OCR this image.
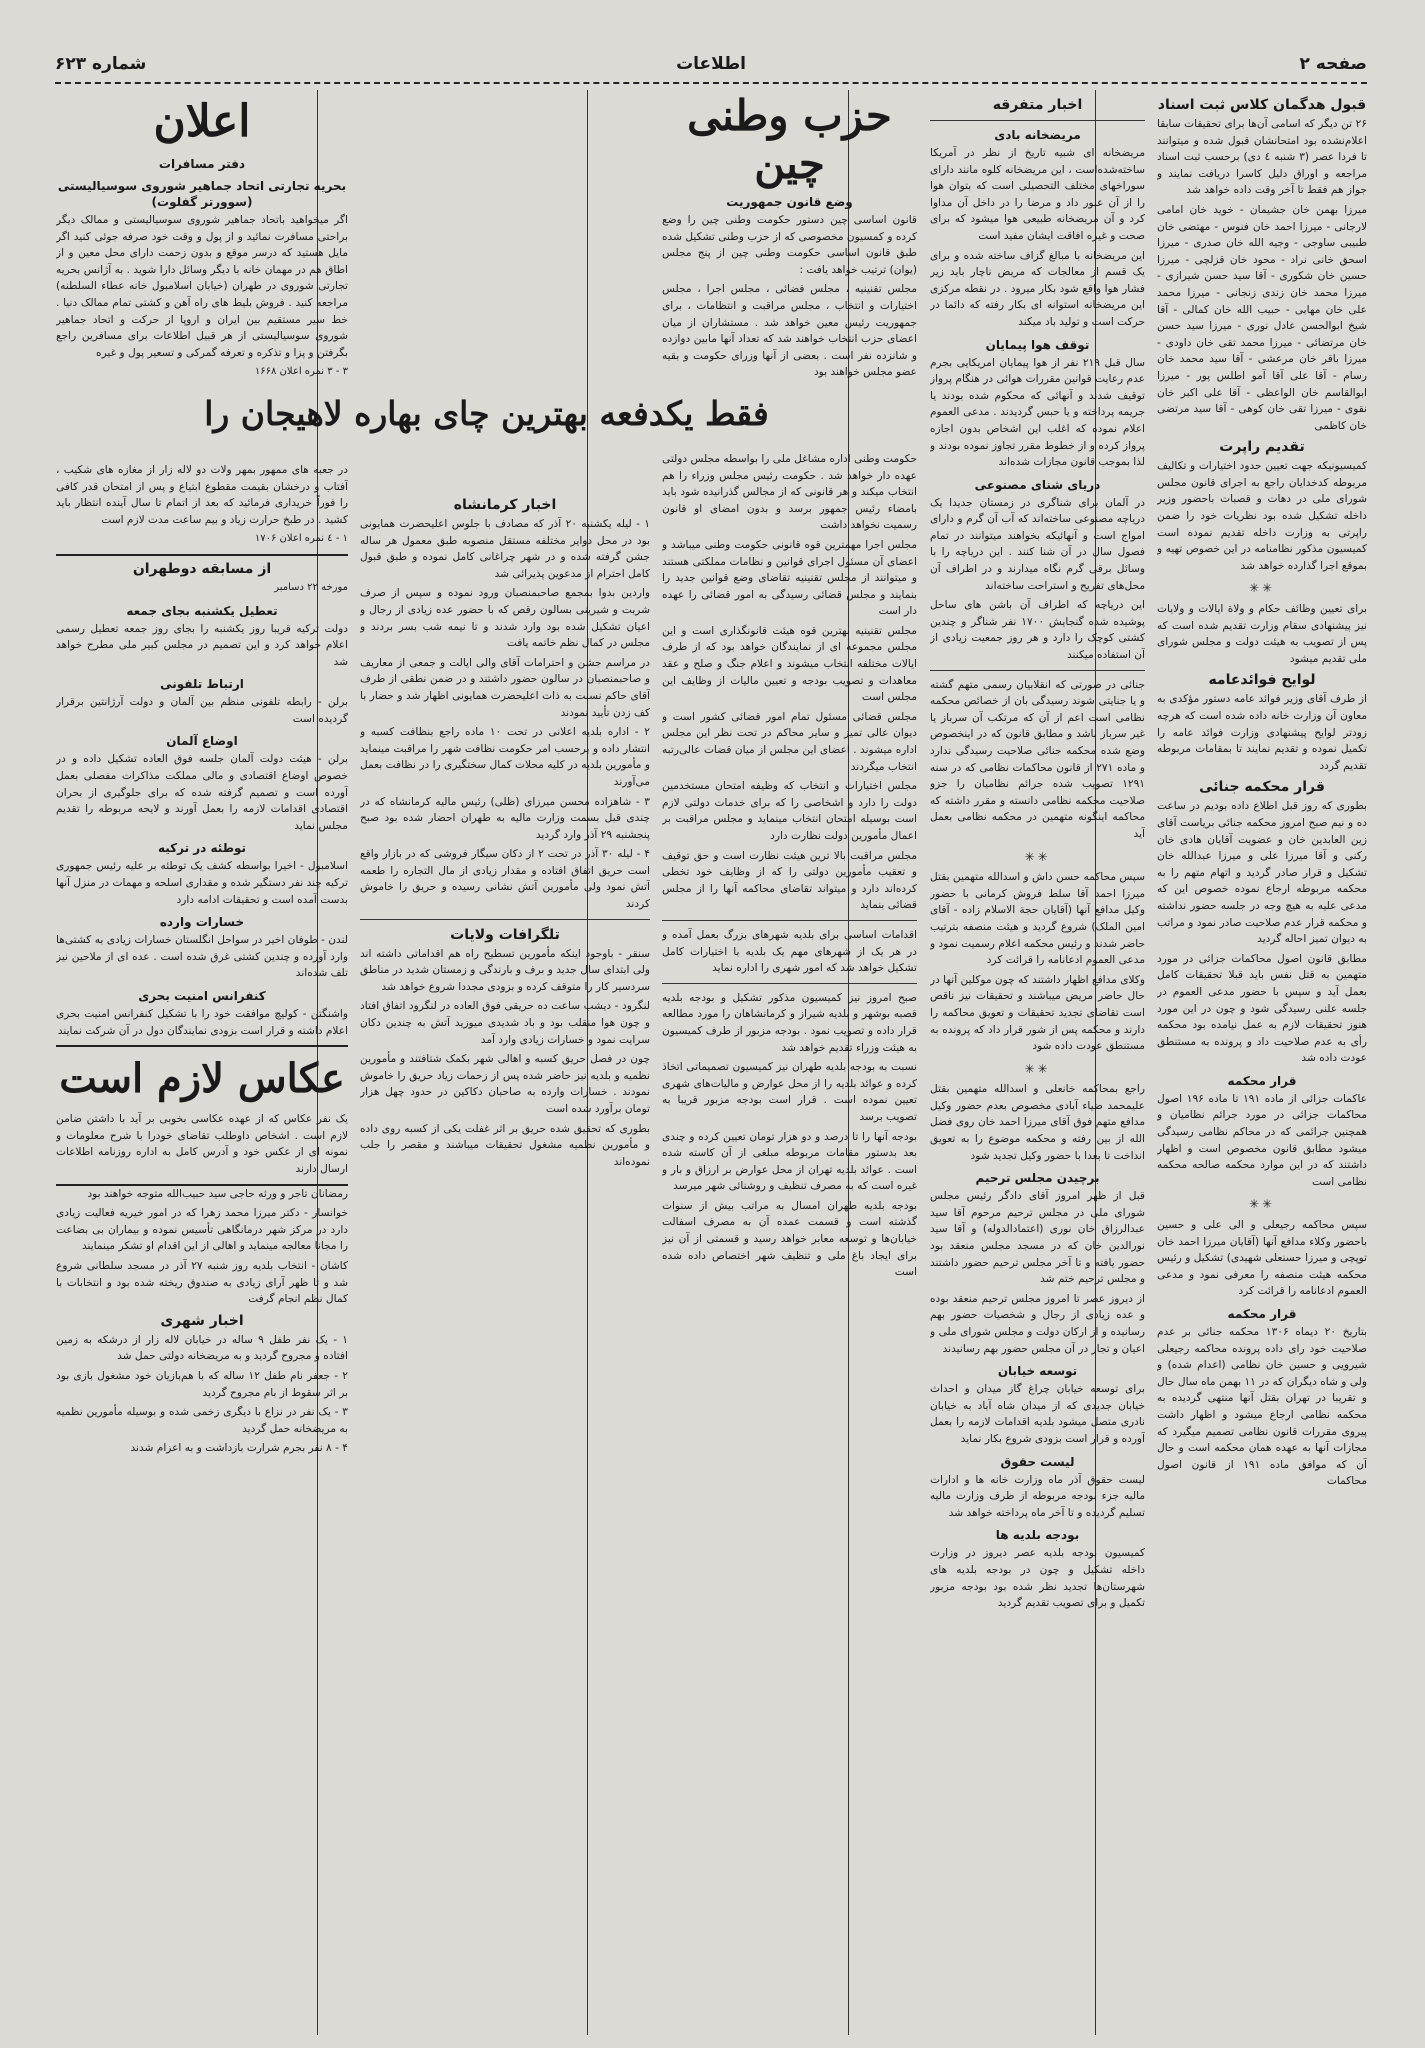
صفحه ۲
اطلاعات
شماره ۶۲۳
قبول هدگمان کلاس ثبت اسناد

۲۶ تن دیگر که اسامی آن‌ها برای تحقیقات سابقا اعلام‌نشده بود امتحانشان قبول شده و میتوانند تا فردا عصر (۳ شنبه ٤ دی) برحسب ثبت اسناد مراجعه و اوراق دلیل کاسرا دریافت نمایند و جواز هم فقط تا آخر وقت داده خواهد شد

میرزا بهمن خان جشیمان - خوید خان امامی لارجانی - میرزا احمد خان فنوس - مهتضی خان طبیبی ساوجی - وجیه الله خان صدری - میرزا اسحق خانی نراد - محود خان قزلچی - میرزا حسین خان شکوری - آقا سید حسن شیرازی - میرزا محمد خان زندی زنجانی - میرزا محمد علی خان مهابی - حبیب الله خان کمالی - آقا شیخ ابوالحسن عادل نوری - میرزا سید حسن خان مرتضائی - میرزا محمد تقی خان داودی - میرزا باقر خان مرعشی - آقا سید محمد خان رسام - آقا علی آقا آمو اطلس پور - میرزا ابوالقاسم خان الواعظی - آقا علی اکبر خان نقوی - میرزا تقی خان کوهی - آقا سید مرتضی خان کاظمی

تقدیم راپرت

کمیسیونیکه جهت تعیین حدود اختیارات و تکالیف مربوطه کدخدایان راجع به اجرای قانون مجلس شورای ملی در دهات و قصبات باحضور وزیر داخله تشکیل شده بود نظریات خود را ضمن راپرتی به وزارت داخله تقدیم نموده است کمیسیون مذکور نظامنامه در این خصوص تهیه و بموقع اجرا گذارده خواهد شد

✳✳

برای تعیین وظائف حکام و ولاة ایالات و ولایات نیز پیشنهادی سقام وزارت تقدیم شده است که پس از تصویب به هیئت دولت و مجلس شورای ملی تقدیم میشود

لوایح فوائدعامه

از طرف آقای وزیر فوائد عامه دستور مؤکدی به معاون آن وزارت خانه داده شده است که هرچه زودتر لوایح پیشنهادی وزارت فوائد عامه را تکمیل نموده و تقدیم نمایند تا بمقامات مربوطه تقدیم گردد

قرار محکمه جنائی

بطوری که روز قبل اطلاع داده بودیم در ساعت ده و نیم صبح امروز محکمه جنائی بریاست آقای زین العابدین خان و عضویت آقایان هادی خان رکنی و آقا میرزا علی و میرزا عبدالله خان تشکیل و قرار صادر گردید و اتهام متهم را به محکمه مربوطه ارجاع نموده خصوص این که مدعی علیه به هیچ وجه در جلسه حضور نداشته و محکمه قرار عدم صلاحیت صادر نمود و مراتب به دیوان تمیز احاله گردید

مطابق قانون اصول محاکمات جزائی در مورد متهمین به قتل نفس باید قبلا تحقیقات کامل بعمل آید و سپس با حضور مدعی العموم در جلسه علنی رسیدگی شود و چون در این مورد هنوز تحقیقات لازم به عمل نیامده بود محکمه رأی به عدم صلاحیت داد و پرونده به مستنطق عودت داده شد

قرار محکمه

عاکمات جزائی از ماده ۱۹۱ تا ماده ۱۹۶ اصول محاکمات جزائی در مورد جرائم نظامیان و همچنین جرائمی که در محاکم نظامی رسیدگی میشود مطابق قانون مخصوص است و اظهار داشتند که در این موارد محکمه صالحه محکمه نظامی است

✳✳

سپس محاکمه رجیعلی و الی علی و حسین باحضور وکلاء مدافع آنها (آقایان میرزا احمد خان توپچی و میرزا حسنعلی شهیدی) تشکیل و رئیس محکمه هیئت منصفه را معرفی نمود و مدعی العموم ادعانامه را قرائت کرد

قرار محکمه

بتاریخ ۲۰ دیماه ۱۳۰۶ محکمه جنائی بر عدم صلاحیت خود رای داده پرونده محاکمه رجیعلی شیرویی و حسین خان نظامی (اعدام شده) و ولی و شاه دیگران که در ۱۱ بهمن ماه سال حال و تقریبا در تهران بقتل آنها منتهی گردیده به محکمه نظامی ارجاع میشود و اظهار داشت پیروی مقررات قانون نظامی تصمیم میگیرد که مجازات آنها به عهده همان محکمه است و حال آن که موافق ماده ۱۹۱ از قانون اصول محاکمات

اخبار متفرقه
مریضخانه بادی

مریضخانه ای شبیه تاریخ از نظر در آمریکا ساخته‌شده‌است ، این مریضخانه کلوه مانند دارای سوراخهای مختلف التحصیلی است که بتوان هوا را از آن عبور داد و مرضا را در داخل آن مداوا کرد و آن مریضخانه طبیعی هوا میشود که برای صحت و غیره افاقت ایشان مفید است

این مریضخانه با مبالغ گزاف ساخته شده و برای یک قسم از معالجات که مریض ناچار باید زیر فشار هوا واقع شود بکار میرود . در نقطه مرکزی این مریضخانه استوانه ای بکار رفته که دائما در حرکت است و تولید باد میکند

توقف هوا پیمایان

سال قبل ۲۱۹ نفر از هوا پیمایان امریکایی بجرم عدم رعایت قوانین مقررات هوائی در هنگام پرواز توقیف شدند و آنهائی که محکوم شده بودند یا جریمه پرداخته و یا حبس گردیدند . مدعی العموم اعلام نموده که اغلب این اشخاص بدون اجازه پرواز کرده و از خطوط مقرر تجاوز نموده بودند و لذا بموجب قانون مجازات شده‌اند

دریای شنای مصنوعی

در آلمان برای شناگری در زمستان جدیدا یک دریاچه مصنوعی ساخته‌اند که آب آن گرم و دارای امواج است و آنهائیکه بخواهند میتوانند در تمام فصول سال در آن شنا کنند . این دریاچه را با وسائل برقی گرم نگاه میدارند و در اطراف آن محل‌های تفریح و استراحت ساخته‌اند

این دریاچه که اطراف آن باشن های ساحل پوشیده شده گنجایش ۱۷۰۰ نفر شناگر و چندین کشتی کوچک را دارد و هر روز جمعیت زیادی از آن استفاده میکنند

جنائی در صورتی که انقلابیان رسمی متهم گشته و یا جنایتی شوند رسیدگی بان از خصائص محکمه نظامی است اعم از آن که مرتکب آن سرباز یا غیر سرباز باشد و مطابق قانون که در اینخصوص وضع شده محکمه جنائی صلاحیت رسیدگی ندارد و ماده ۲۷۱ از قانون محاکمات نظامی که در سنه ۱۲۹۱ تصویب شده جرائم نظامیان را جزو صلاحیت محکمه نظامی دانسته و مقرر داشته که محاکمه اینگونه متهمین در محکمه نظامی بعمل آید

✳✳

سپس محاکمه حسن داش و اسدالله متهمین بقتل میرزا احمد آقا سلط فروش کرمانی با حضور وکیل مدافع آنها (آقایان حجة الاسلام زاده - آقای امین الملک) شروع گردید و هیئت منصفه بترتیب حاضر شدند و رئیس محکمه اعلام رسمیت نمود و مدعی العموم ادعانامه را قرائت کرد

وکلای مدافع اظهار داشتند که چون موکلین آنها در حال حاضر مریض میباشند و تحقیقات نیز ناقص است تقاضای تجدید تحقیقات و تعویق محاکمه را دارند و محکمه پس از شور قرار داد که پرونده به مستنطق عودت داده شود

✳✳

راجع بمحاکمه خانعلی و اسدالله متهمین بقتل علیمحمد ضیاء آبادی مخصوص بعدم حضور وکیل مدافع متهم فوق آقای میرزا احمد خان روی فضل الله از بین رفته و محکمه موضوع را به تعویق انداخت تا بعدا با حضور وکیل تجدید شود

برچیدن مجلس ترحیم

قبل از ظهر امروز آقای دادگر رئیس مجلس شورای ملی در مجلس ترحیم مرحوم آقا سید عبدالرزاق خان نوری (اعتمادالدوله) و آقا سید نورالدین خان که در مسجد مجلس منعقد بود حضور یافته و تا آخر مجلس ترحیم حضور داشتند و مجلس ترحیم ختم شد

از دیروز عصر تا امروز مجلس ترحیم منعقد بوده و عده زیادی از رجال و شخصیات حضور بهم رسانیده و از ارکان دولت و مجلس شورای ملی و اعیان و تجار در آن مجلس حضور بهم رسانیدند

توسعه خیابان

برای توسعه خیابان چراغ گاز میدان و احداث خیابان جدیدی که از میدان شاه آباد به خیابان نادری متصل میشود بلدیه اقدامات لازمه را بعمل آورده و قرار است بزودی شروع بکار نماید

لیست حقوق

لیست حقوق آذر ماه وزارت خانه ها و ادارات مالیه جزء بودجه مربوطه از طرف وزارت مالیه تسلیم گردیده و تا آخر ماه پرداخته خواهد شد

بودجه بلدیه ها

کمیسیون بودجه بلدیه عصر دیروز در وزارت داخله تشکیل و چون در بودجه بلدیه های شهرستان‌ها تجدید نظر شده بود بودجه مزبور تکمیل و برای تصویب تقدیم گردید

حزب وطنی چین
وضع قانون جمهوریت

قانون اساسی چین دستور حکومت وطنی چین را وضع کرده و کمسیون مخصوصی که از حزب وطنی تشکیل شده طبق قانون اساسی حکومت وطنی چین از پنج مجلس (یوان) ترتیب خواهد یافت :

مجلس تقنینیه ، مجلس قضائی ، مجلس اجرا ، مجلس اختیارات و انتخاب ، مجلس مراقبت و انتظامات ، برای جمهوریت رئیس معین خواهد شد . مستشاران از میان اعضای حزب انتخاب خواهند شد که تعداد آنها مابین دوازده و شانزده نفر است . بعضی از آنها وزرای حکومت و بقیه عضو مجلس خواهند بود

حکومت وطنی اداره مشاغل ملی را بواسطه مجلس دولتی عهده دار خواهد شد . حکومت رئیس مجلس وزراء را هم انتخاب میکند و هر قانونی که از مجالس گذرانیده شود باید بامضاء رئیس جمهور برسد و بدون امضای او قانون رسمیت نخواهد داشت

مجلس اجرا مهمترین قوه قانونی حکومت وطنی میباشد و اعضای آن مسئول اجرای قوانین و نظامات مملکتی هستند و میتوانند از مجلس تقنینیه تقاضای وضع قوانین جدید را بنمایند و مجلس قضائی رسیدگی به امور قضائی را عهده دار است

مجلس تقنینیه بهترین قوه هیئت قانونگذاری است و این مجلس مجموعه ای از نمایندگان خواهد بود که از طرف ایالات مختلفه انتخاب میشوند و اعلام جنگ و صلح و عقد معاهدات و تصویب بودجه و تعیین مالیات از وظایف این مجلس است

مجلس قضائی مسئول تمام امور قضائی کشور است و دیوان عالی تمیز و سایر محاکم در تحت نظر این مجلس اداره میشوند . اعضای این مجلس از میان قضات عالی‌رتبه انتخاب میگردند

مجلس اختیارات و انتخاب که وظیفه امتحان مستخدمین دولت را دارد و اشخاصی را که برای خدمات دولتی لازم است بوسیله امتحان انتخاب مینماید و مجلس مراقبت بر اعمال مأمورین دولت نظارت دارد

مجلس مراقبت بالا ترین هیئت نظارت است و حق توقیف و تعقیب مأمورین دولتی را که از وظایف خود تخطی کرده‌اند دارد و میتواند تقاضای محاکمه آنها را از مجلس قضائی بنماید

اقدامات اساسی برای بلدیه شهرهای بزرگ بعمل آمده و در هر یک از شهرهای مهم یک بلدیه با اختیارات کامل تشکیل خواهد شد که امور شهری را اداره نماید

صبح امروز نیز کمیسیون مذکور تشکیل و بودجه بلدیه قصبه بوشهر و بلدیه شیراز و کرمانشاهان را مورد مطالعه قرار داده و تصویب نمود . بودجه مزبور از طرف کمیسیون به هیئت وزراء تقدیم خواهد شد

نسبت به بودجه بلدیه طهران نیز کمیسیون تصمیماتی اتخاذ کرده و عوائد بلدیه را از محل عوارض و مالیات‌های شهری تعیین نموده است . قرار است بودجه مزبور قریبا به تصویب برسد

بودجه آنها را تا درصد و دو هزار تومان تعیین کرده و چندی بعد بدستور مقامات مربوطه مبلغی از آن کاسته شده است . عوائد بلدیه تهران از محل عوارض بر ارزاق و بار و غیره است که به مصرف تنظیف و روشنائی شهر میرسد

بودجه بلدیه طهران امسال به مراتب بیش از سنوات گذشته است و قسمت عمده آن به مصرف اسفالت خیابان‌ها و توسعه معابر خواهد رسید و قسمتی از آن نیز برای ایجاد باغ ملی و تنظیف شهر اختصاص داده شده است

اخبار کرمانشاه

۱ - لیله یکشنبه ۲۰ آذر که مصادف با جلوس اعلیحضرت همایونی بود در محل دوایر مختلفه مستقل منصوبه طبق معمول هر ساله جشن گرفته شده و در شهر چراغانی کامل نموده و طبق قبول کامل احترام از مدعوین پذیرائی شد

واردین بدوا بمجمع صاحبمنصبان ورود نموده و سپس از صرف شربت و شیرینی بسالون رقص که با حضور عده زیادی از رجال و اعیان تشکیل شده بود وارد شدند و تا نیمه شب بسر بردند و مجلس در کمال نظم خاتمه یافت

در مراسم جشن و احترامات آقای والی ایالت و جمعی از معاریف و صاحبمنصبان در سالون حضور داشتند و در ضمن نطقی از طرف آقای حاکم نسبت به ذات اعلیحضرت همایونی اظهار شد و حضار با کف زدن تأیید نمودند

۲ - اداره بلدیه اعلانی در تحت ۱۰ ماده راجع بنظافت کسبه و انتشار داده و برحسب امر حکومت نظافت شهر را مراقبت مینماید و مأمورین بلدیه در کلیه محلات کمال سختگیری را در نظافت بعمل می‌آورند

۳ - شاهزاده محسن میرزای (ظلی) رئیس مالیه کرمانشاه که در چندی قبل بسمت وزارت مالیه به طهران احضار شده بود صبح پنجشنبه ۲۹ آذر وارد گردید

۴ - لیله ۳۰ آذر در تحت ۲ از دکان سیگار فروشی که در بازار واقع است حریق اتفاق افتاده و مقدار زیادی از مال التجاره را طعمه آتش نمود ولی مأمورین آتش نشانی رسیده و حریق را خاموش کردند

تلگرافات ولایات

سنقر - باوجود اینکه مأمورین تسطیح راه هم اقداماتی داشته اند ولی ابتدای سال جدید و برف و بارندگی و زمستان شدید در مناطق سردسیر کار را متوقف کرده و بزودی مجددا شروع خواهد شد

لنگرود - دیشب ساعت ده حریقی فوق العاده در لنگرود اتفاق افتاد و چون هوا منقلب بود و باد شدیدی میوزید آتش به چندین دکان سرایت نمود و خسارات زیادی وارد آمد

چون در فصل حریق کسبه و اهالی شهر بکمک شتافتند و مأمورین نظمیه و بلدیه نیز حاضر شده پس از زحمات زیاد حریق را خاموش نمودند . خسارات وارده به صاحبان دکاکین در حدود چهل هزار تومان برآورد شده است

بطوری که تحقیق شده حریق بر اثر غفلت یکی از کسبه روی داده و مأمورین نظمیه مشغول تحقیقات میباشند و مقصر را جلب نموده‌اند

اعلان
دفتر مسافرات
بحریه تجارتی اتحاد جماهیر شوروی سوسیالیستی (سوورتر گفلوت)

اگر میخواهید باتحاد جماهیر شوروی سوسیالیستی و ممالک دیگر براحتی مسافرت نمائید و از پول و وقت خود صرفه جوئی کنید اگر مایل هستید که درسر موقع و بدون زحمت دارای محل معین و از اطاق هم در مهمان خانه با دیگر وسائل دارا شوید . به آژانس بحریه تجارتی شوروی در طهران (خیابان اسلامبول خانه عطاء السلطنه) مراجعه کنید . فروش بلیط های راه آهن و کشتی تمام ممالک دنیا . خط سیر مستقیم بین ایران و اروپا از حرکت و اتحاد جماهیر شوروی سوسیالیستی از هر قبیل اطلاعات برای مسافرین راجع بگرفتن و پزا و تذکره و تعرفه گمرکی و تسعیر پول و غیره

۳ - ۳ نمره اعلان ۱۶۶۸

در جعبه های ممهور بمهر ولات دو لاله زار از مغازه های شکیب ، آفتاب و درخشان بقیمت مقطوع ابتیاع و پس از امتحان قدر کافی را فوراً خریداری فرمائید که بعد از اتمام تا سال آینده انتظار باید کشید . در طبخ حرارت زیاد و بیم ساعت مدت لازم است

۱ - ٤ نمره اعلان ۱۷۰۶

از مسابقه دوطهران

مورخه ۲۲ دسامبر

تعطیل یکشنبه بجای جمعه

دولت ترکیه قریبا روز یکشنبه را بجای روز جمعه تعطیل رسمی اعلام خواهد کرد و این تصمیم در مجلس کبیر ملی مطرح خواهد شد

ارتباط تلفونی

برلن - رابطه تلفونی منظم بین آلمان و دولت آرژانتین برقرار گردیده است

اوضاع آلمان

برلن - هیئت دولت آلمان جلسه فوق العاده تشکیل داده و در خصوص اوضاع اقتصادی و مالی مملکت مذاکرات مفصلی بعمل آورده است و تصمیم گرفته شده که برای جلوگیری از بحران اقتصادی اقدامات لازمه را بعمل آورند و لایحه مربوطه را تقدیم مجلس نماید

توطئه در ترکیه

اسلامبول - اخیرا بواسطه کشف یک توطئه بر علیه رئیس جمهوری ترکیه چند نفر دستگیر شده و مقداری اسلحه و مهمات در منزل آنها بدست آمده است و تحقیقات ادامه دارد

خسارات وارده

لندن - طوفان اخیر در سواحل انگلستان خسارات زیادی به کشتی‌ها وارد آورده و چندین کشتی غرق شده است . عده ای از ملاحین نیز تلف شده‌اند

کنفرانس امنیت بحری

واشنگتن - کولیچ موافقت خود را با تشکیل کنفرانس امنیت بحری اعلام داشته و قرار است بزودی نمایندگان دول در آن شرکت نمایند

عکاس لازم است

یک نفر عکاس که از عهده عکاسی بخوبی بر آید با داشتن ضامن لازم است . اشخاص داوطلب تقاضای خودرا با شرح معلومات و نمونه ای از عکس خود و آدرس کامل به اداره روزنامه اطلاعات ارسال دارند

رمضانان تاجر و ورثه حاجی سید حبیب‌الله متوجه خواهند بود

خوانسار - دکتر میرزا محمد زهرا که در امور خیریه فعالیت زیادی دارد در مرکز شهر درمانگاهی تأسیس نموده و بیماران بی بضاعت را مجانا معالجه مینماید و اهالی از این اقدام او تشکر مینمایند

کاشان - انتخاب بلدیه روز شنبه ۲۷ آذر در مسجد سلطانی شروع شد و تا ظهر آرای زیادی به صندوق ریخته شده بود و انتخابات با کمال نظم انجام گرفت

اخبار شهری

۱ - یک نفر طفل ۹ ساله در خیابان لاله زار از درشکه به زمین افتاده و مجروح گردید و به مریضخانه دولتی حمل شد

۲ - جعفر نام طفل ۱۲ ساله که با هم‌بازیان خود مشغول بازی بود بر اثر سقوط از بام مجروح گردید

۳ - یک نفر در نزاع با دیگری زخمی شده و بوسیله مأمورین نظمیه به مریضخانه حمل گردید

۴ - ۸ نفر بجرم شرارت بازداشت و به اعزام شدند

فقط یکدفعه بهترین چای بهاره لاهیجان را
